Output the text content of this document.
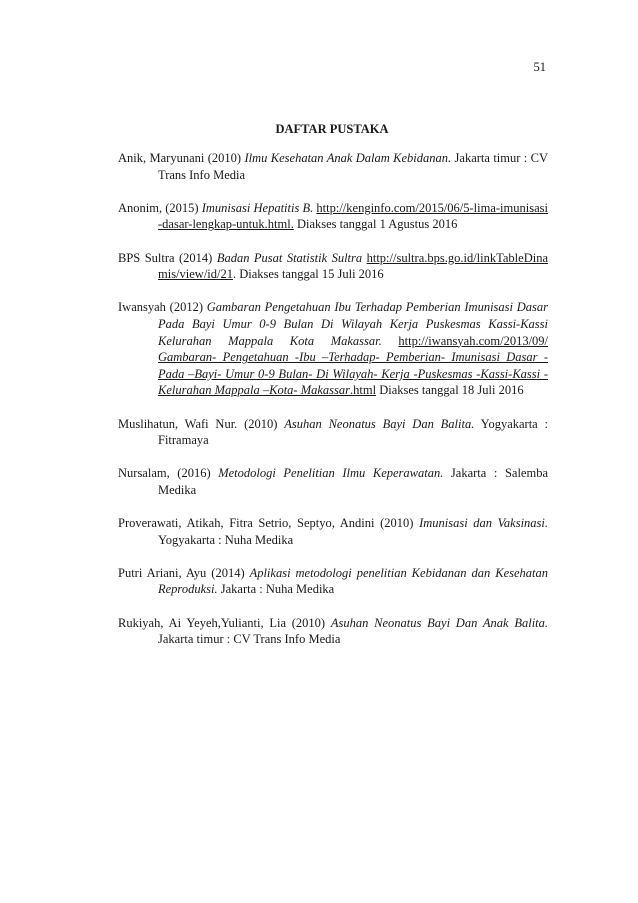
51
DAFTAR PUSTAKA

Anik, Maryunani (2010) Ilmu Kesehatan Anak Dalam Kebidanan. Jakarta timur : CV Trans Info Media

Anonim, (2015) Imunisasi Hepatitis B. http://kenginfo.com/2015/06/5-lima-imunisasi-dasar-lengkap-untuk.html. Diakses tanggal 1 Agustus 2016

BPS Sultra (2014) Badan Pusat Statistik Sultra http://sultra.bps.go.id/linkTableDinamis/view/id/21. Diakses tanggal 15 Juli 2016

Iwansyah (2012) Gambaran Pengetahuan Ibu Terhadap Pemberian Imunisasi Dasar Pada Bayi Umur 0-9 Bulan Di Wilayah Kerja Puskesmas Kassi-Kassi Kelurahan Mappala Kota Makassar. http://iwansyah.com/2013/09/ Gambaran- Pengetahuan -Ibu –Terhadap- Pemberian- Imunisasi Dasar -Pada –Bayi- Umur 0-9 Bulan- Di Wilayah- Kerja -Puskesmas -Kassi-Kassi -Kelurahan Mappala –Kota- Makassar.html Diakses tanggal 18 Juli 2016

Muslihatun, Wafi Nur. (2010) Asuhan Neonatus Bayi Dan Balita. Yogyakarta : Fitramaya

Nursalam, (2016) Metodologi Penelitian Ilmu Keperawatan. Jakarta : Salemba Medika

Proverawati, Atikah, Fitra Setrio, Septyo, Andini (2010) Imunisasi dan Vaksinasi. Yogyakarta : Nuha Medika

Putri Ariani, Ayu (2014) Aplikasi metodologi penelitian Kebidanan dan Kesehatan Reproduksi. Jakarta : Nuha Medika

Rukiyah, Ai Yeyeh,Yulianti, Lia (2010) Asuhan Neonatus Bayi Dan Anak Balita. Jakarta timur : CV Trans Info Media
